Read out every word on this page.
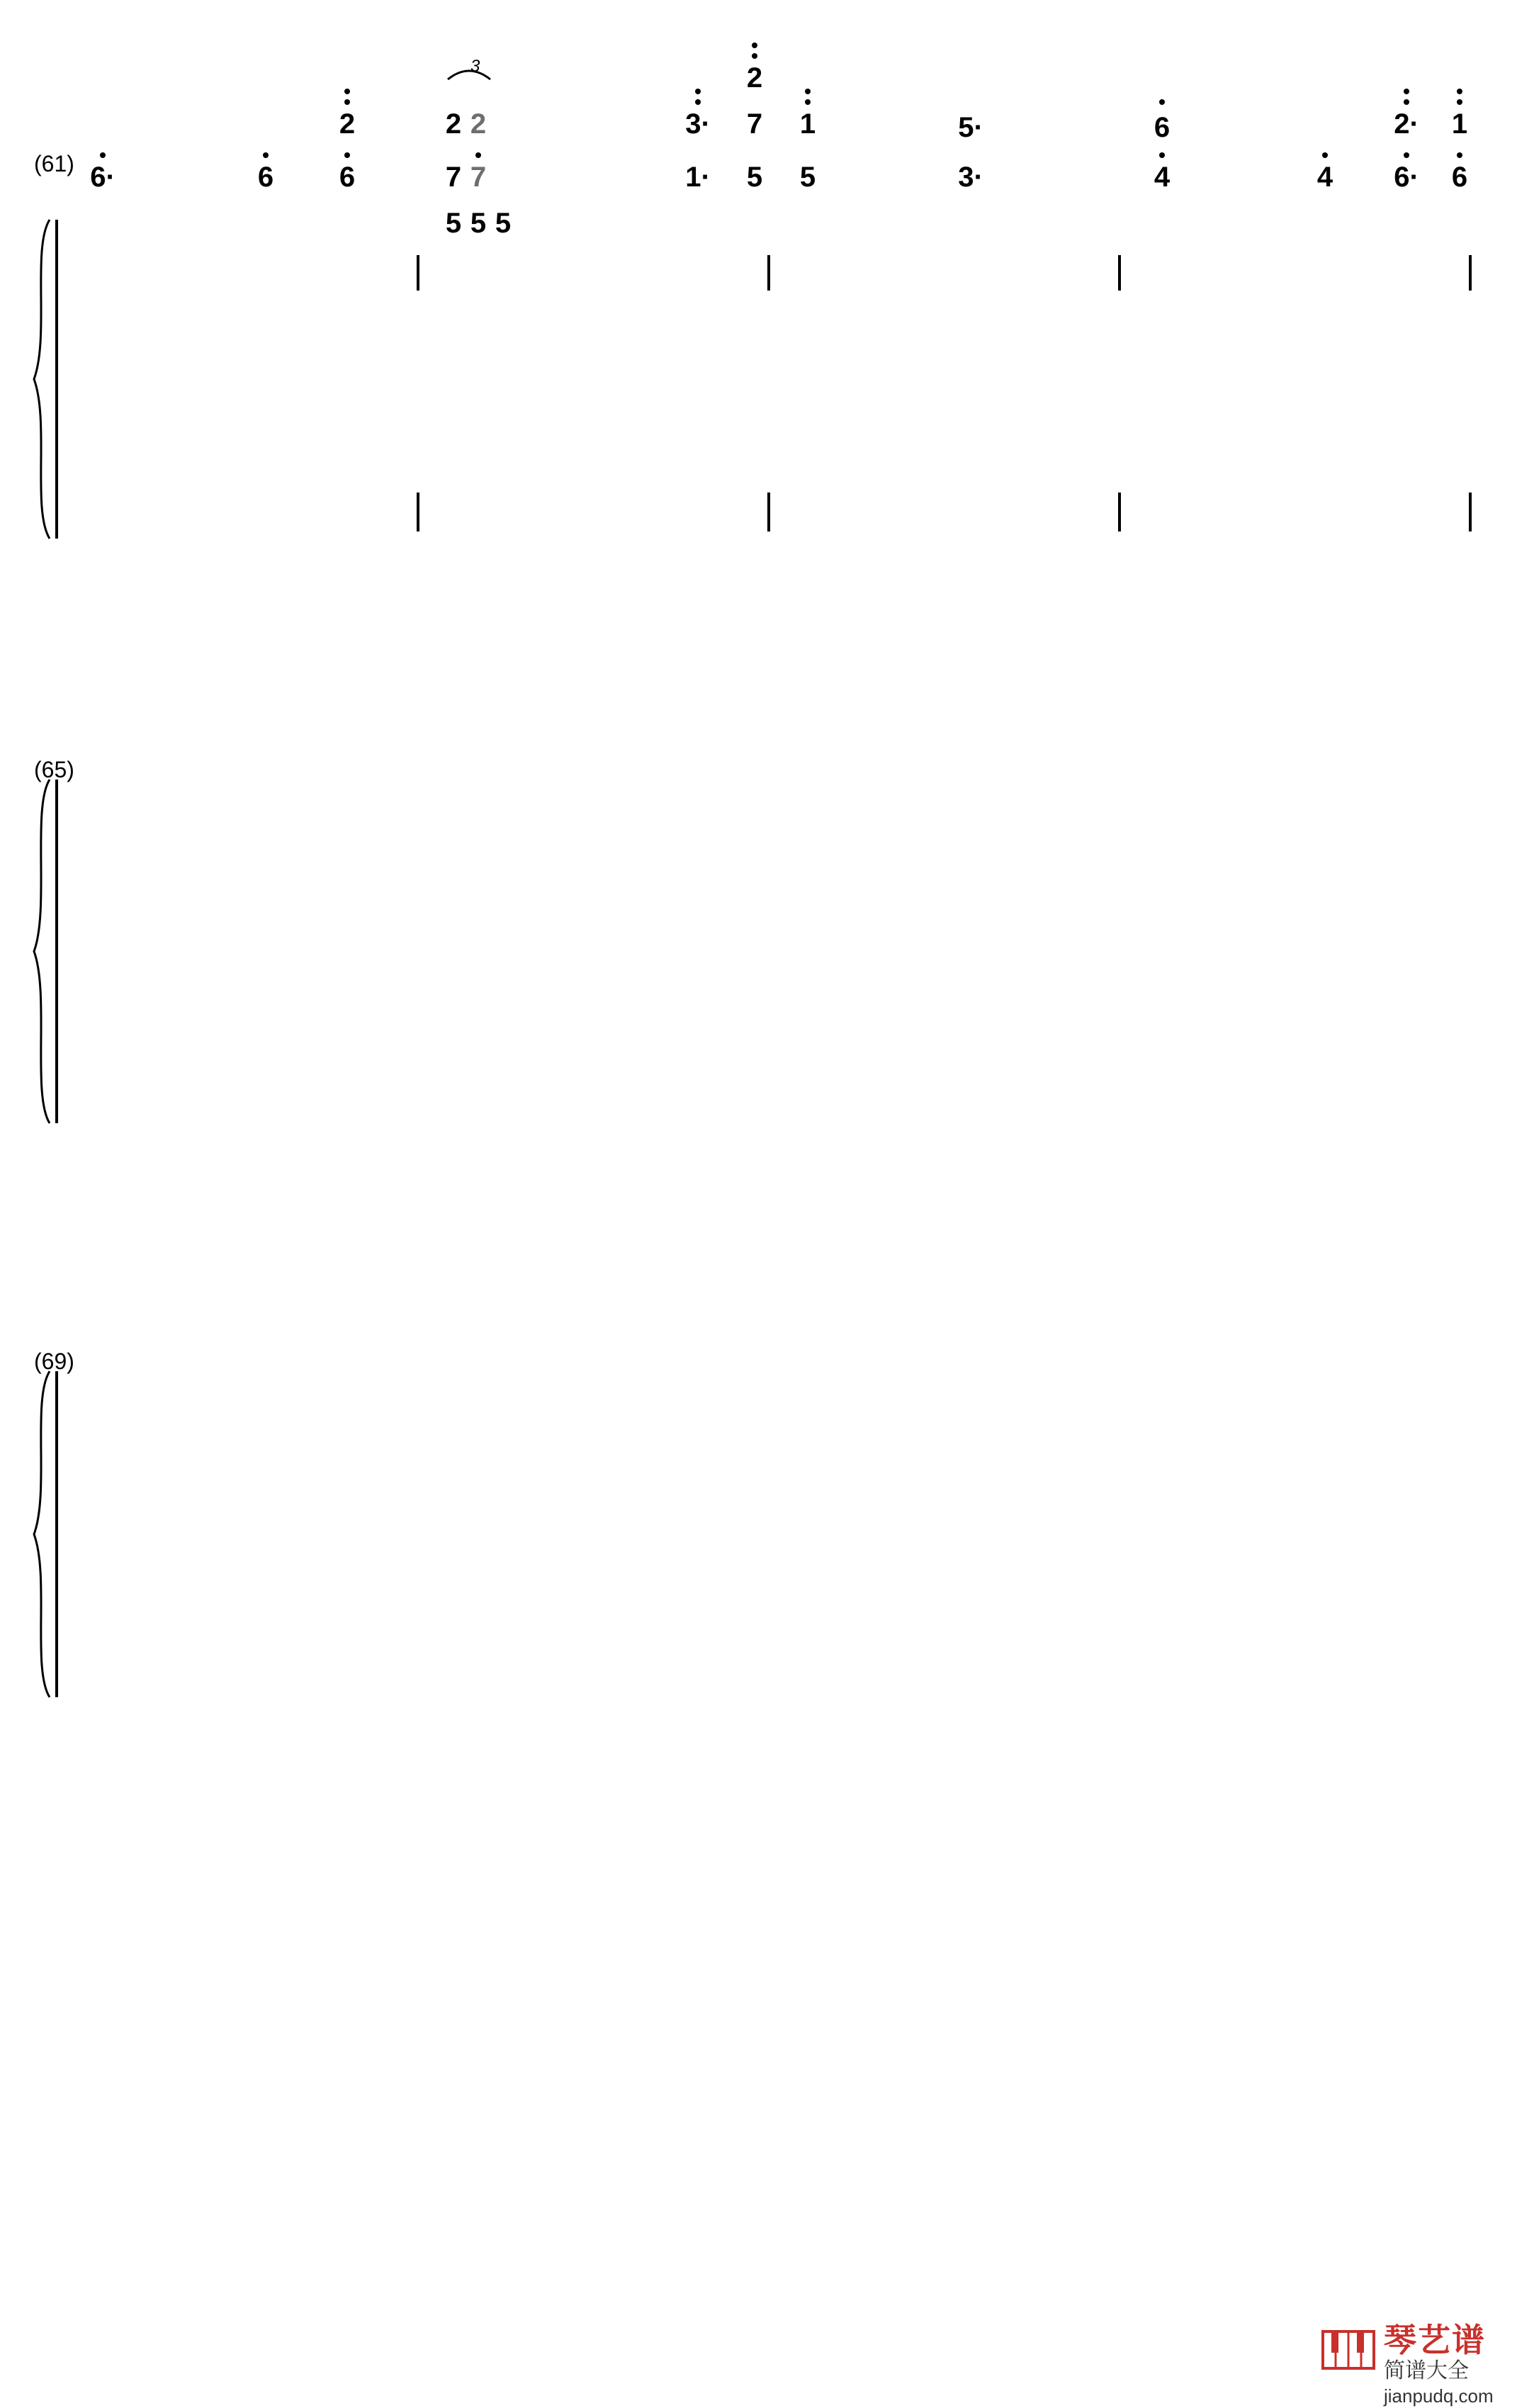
(61)
(65)
(69)
2	2 2	3· 7
2
1	5·	6	2· 1
3
6·	6 6	7 7	1· 5 5	3·	4	4 6· 6
5 5 5
琴艺谱
简谱大全 jianpudq.com
